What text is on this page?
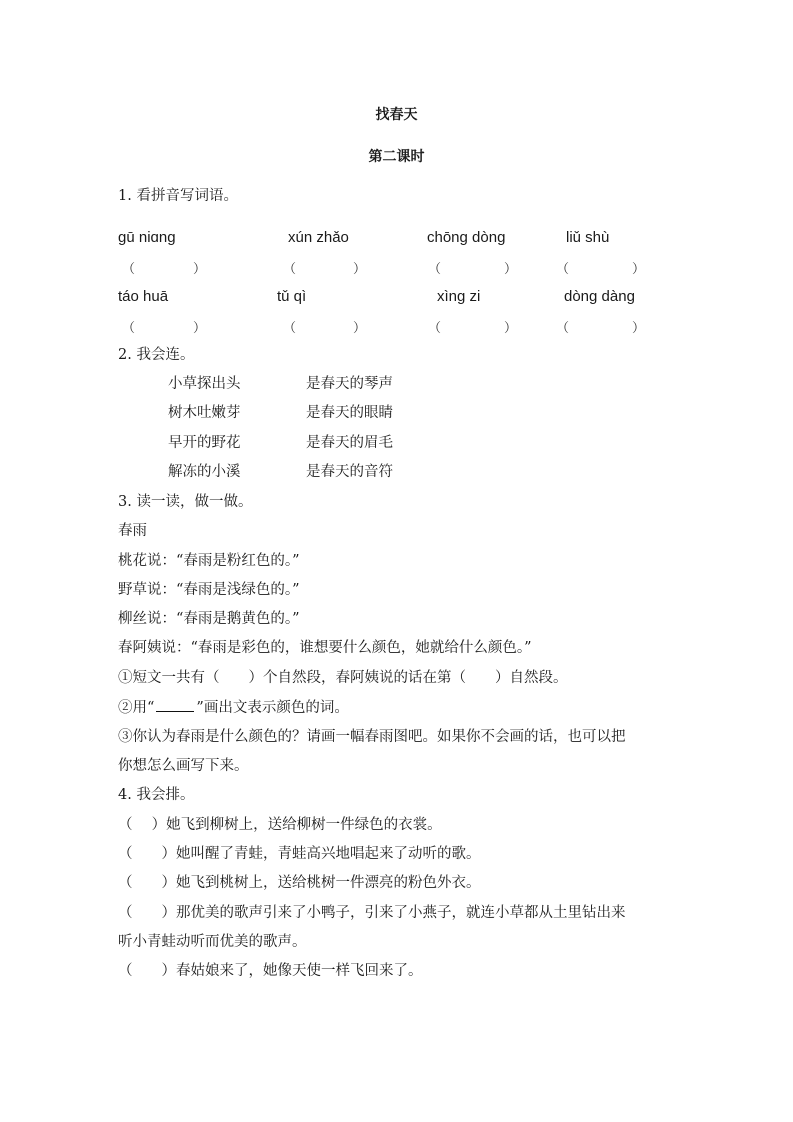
找春天
第二课时
1. 看拼音写词语。
gū niɑng	xún zhǎo	chōng dòng	liǔ shù
（	）	（	）	（	）	（	）
táo huā	tǔ qì	xìng zi	dòng dàng
（	）	（	）	（	）	（	）
2. 我会连。
小草探出头	是春天的琴声
树木吐嫩芽	是春天的眼睛
早开的野花	是春天的眉毛
解冻的小溪	是春天的音符
3. 读一读，做一做。
春雨
桃花说：“春雨是粉红色的。”
野草说：“春雨是浅绿色的。”
柳丝说：“春雨是鹅黄色的。”
春阿姨说：“春雨是彩色的，谁想要什么颜色，她就给什么颜色。”
①短文一共有（　　）个自然段，春阿姨说的话在第（　　）自然段。
②用“	”画出文表示颜色的词。
③你认为春雨是什么颜色的？请画一幅春雨图吧。如果你不会画的话，也可以把
你想怎么画写下来。
4. 我会排。
（　 ）她飞到柳树上，送给柳树一件绿色的衣裳。
（　　）她叫醒了青蛙，青蛙高兴地唱起来了动听的歌。
（　　）她飞到桃树上，送给桃树一件漂亮的粉色外衣。
（　　）那优美的歌声引来了小鸭子，引来了小燕子，就连小草都从土里钻出来
听小青蛙动听而优美的歌声。
（　　）春姑娘来了，她像天使一样飞回来了。
